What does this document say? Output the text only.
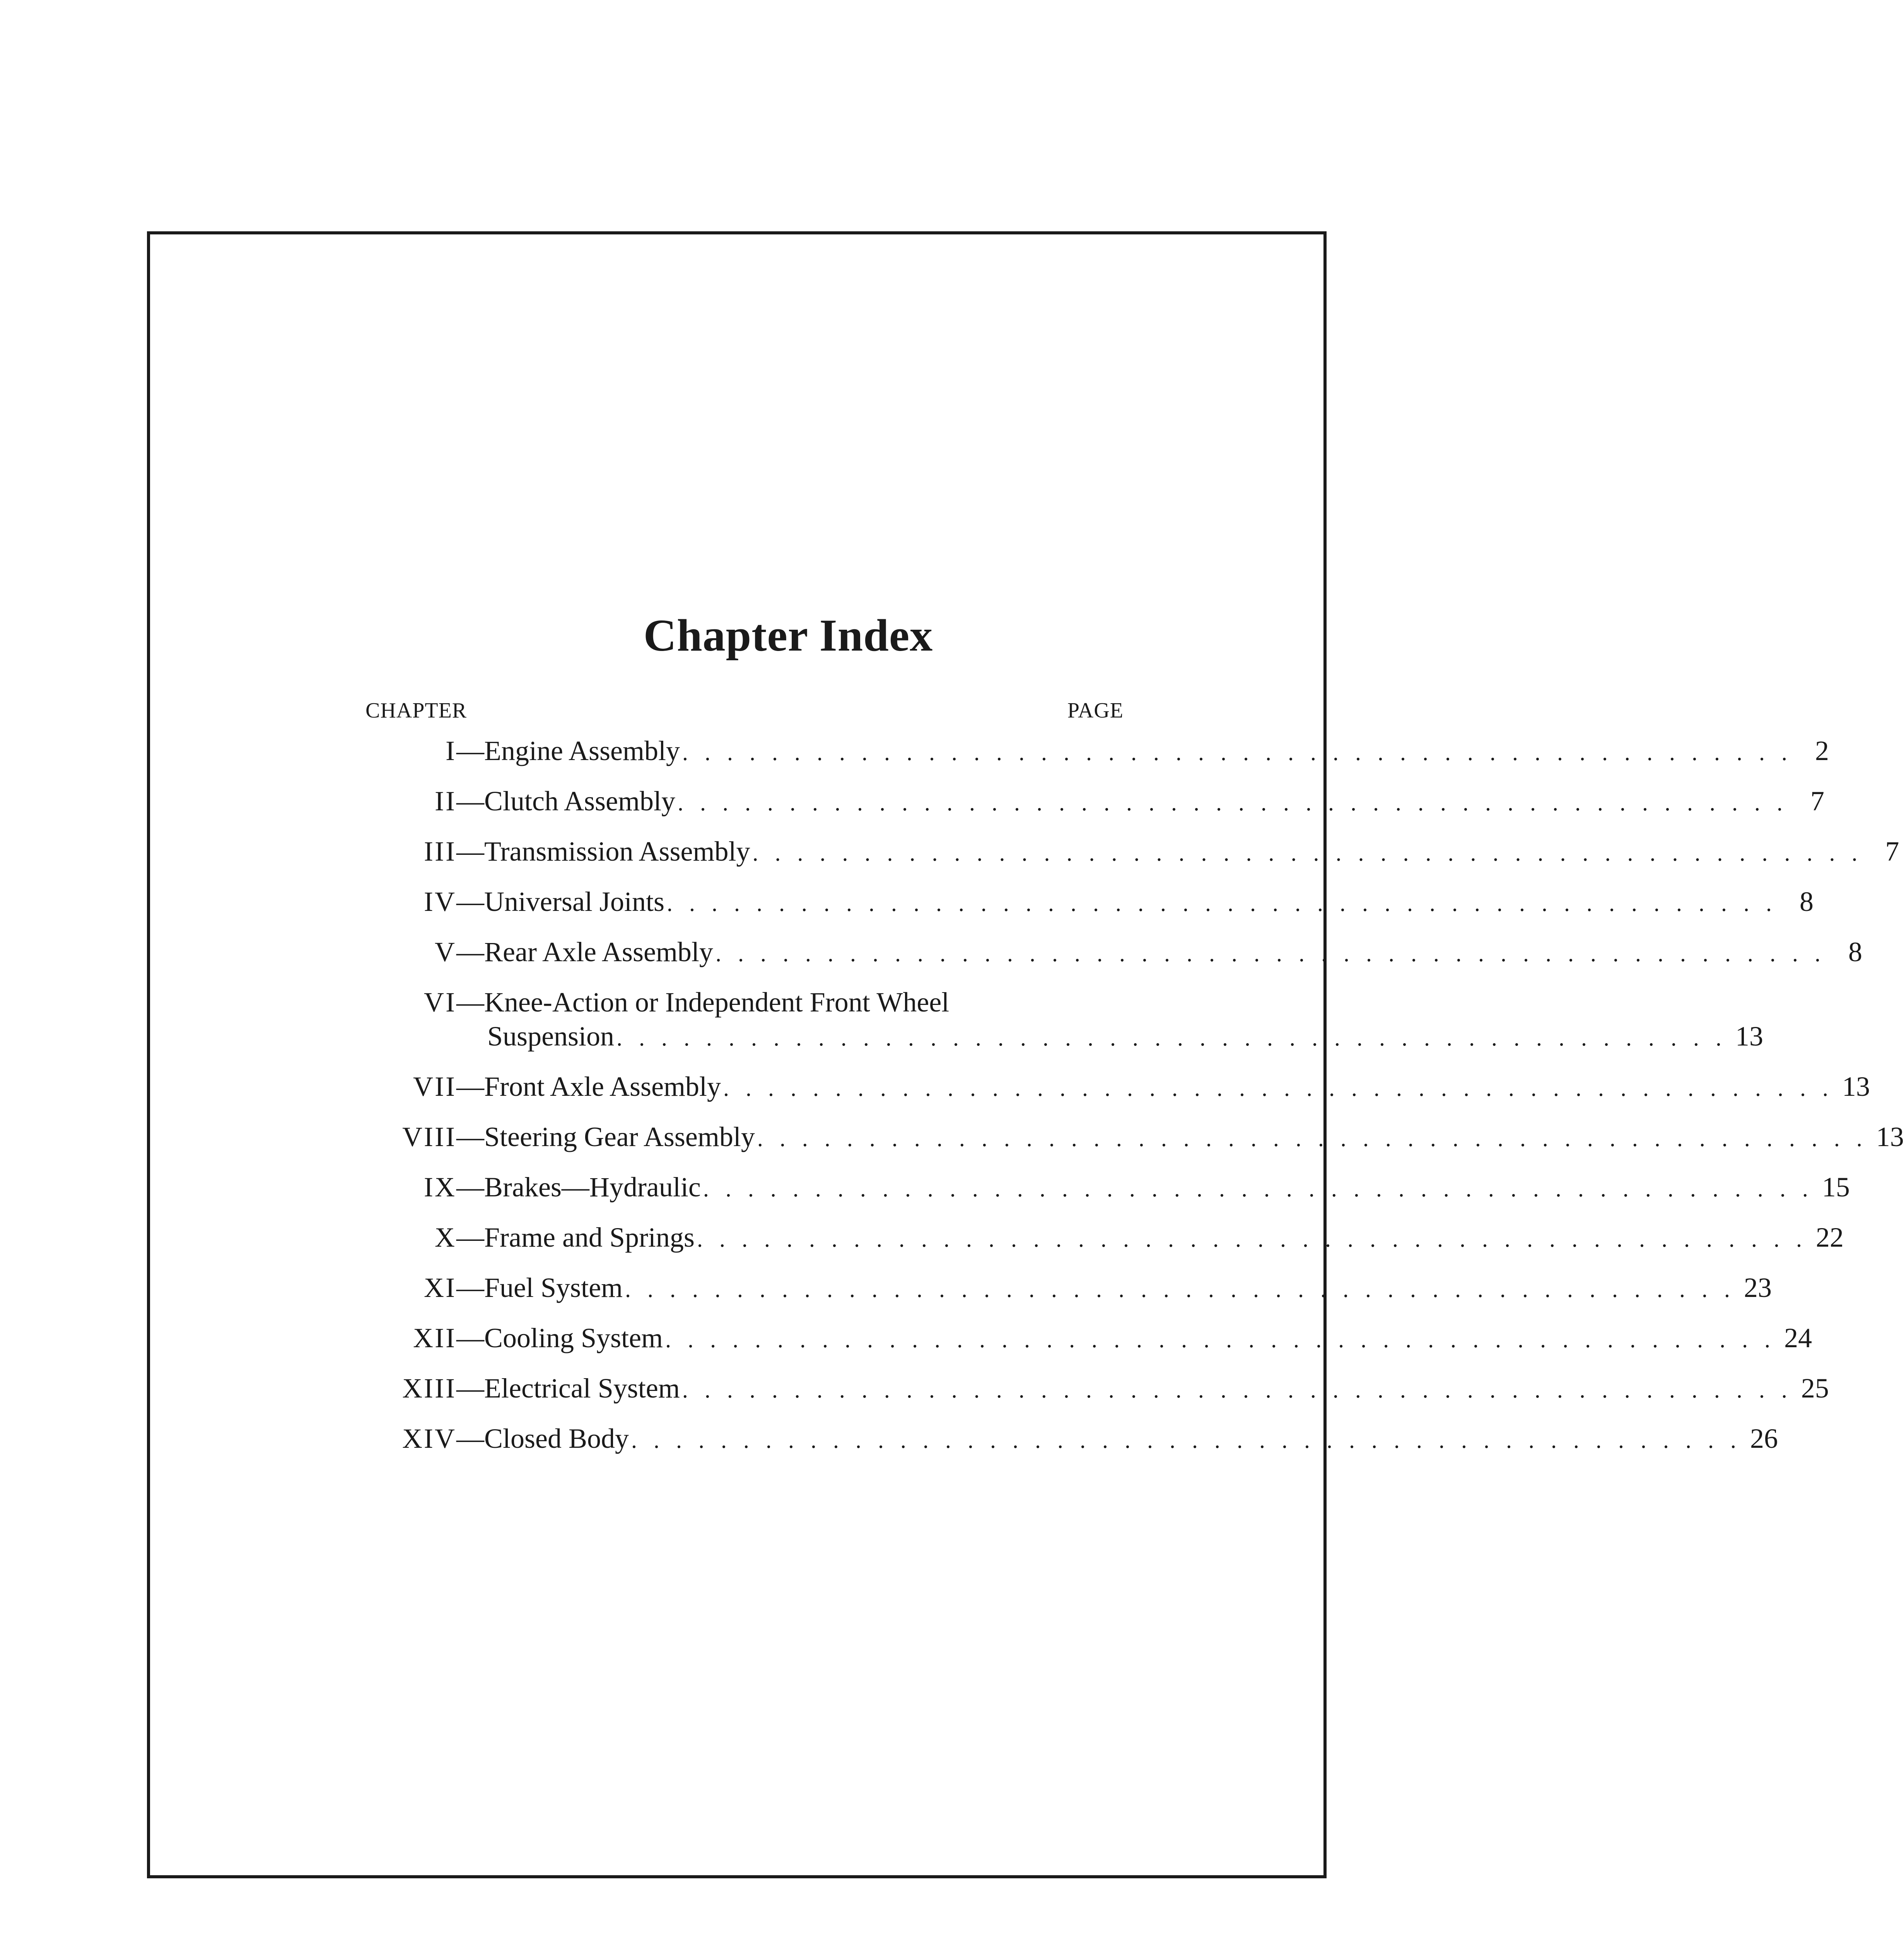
Chapter Index
CHAPTER	PAGE
I — Engine Assembly . . . . . . . . . . . . . . . . . . . . . . . . . . . . . . . . . . . . . . . . . . . . . . . . . . 2
II — Clutch Assembly . . . . . . . . . . . . . . . . . . . . . . . . . . . . . . . . . . . . . . . . . . . . . . . . . . 7
III — Transmission Assembly . . . . . . . . . . . . . . . . . . . . . . . . . . . . . . . . . . . . . . . . . . . . . . . . . . 7
IV — Universal Joints . . . . . . . . . . . . . . . . . . . . . . . . . . . . . . . . . . . . . . . . . . . . . . . . . . 8
V — Rear Axle Assembly . . . . . . . . . . . . . . . . . . . . . . . . . . . . . . . . . . . . . . . . . . . . . . . . . . 8
VI — Knee-Action or Independent Front Wheel
Suspension . . . . . . . . . . . . . . . . . . . . . . . . . . . . . . . . . . . . . . . . . . . . . . . . . . 13
VII — Front Axle Assembly . . . . . . . . . . . . . . . . . . . . . . . . . . . . . . . . . . . . . . . . . . . . . . . . . . 13
VIII — Steering Gear Assembly . . . . . . . . . . . . . . . . . . . . . . . . . . . . . . . . . . . . . . . . . . . . . . . . . . 13
IX — Brakes—Hydraulic . . . . . . . . . . . . . . . . . . . . . . . . . . . . . . . . . . . . . . . . . . . . . . . . . . 15
X — Frame and Springs . . . . . . . . . . . . . . . . . . . . . . . . . . . . . . . . . . . . . . . . . . . . . . . . . . 22
XI — Fuel System . . . . . . . . . . . . . . . . . . . . . . . . . . . . . . . . . . . . . . . . . . . . . . . . . . 23
XII — Cooling System . . . . . . . . . . . . . . . . . . . . . . . . . . . . . . . . . . . . . . . . . . . . . . . . . . 24
XIII — Electrical System . . . . . . . . . . . . . . . . . . . . . . . . . . . . . . . . . . . . . . . . . . . . . . . . . . 25
XIV — Closed Body . . . . . . . . . . . . . . . . . . . . . . . . . . . . . . . . . . . . . . . . . . . . . . . . . . 26
